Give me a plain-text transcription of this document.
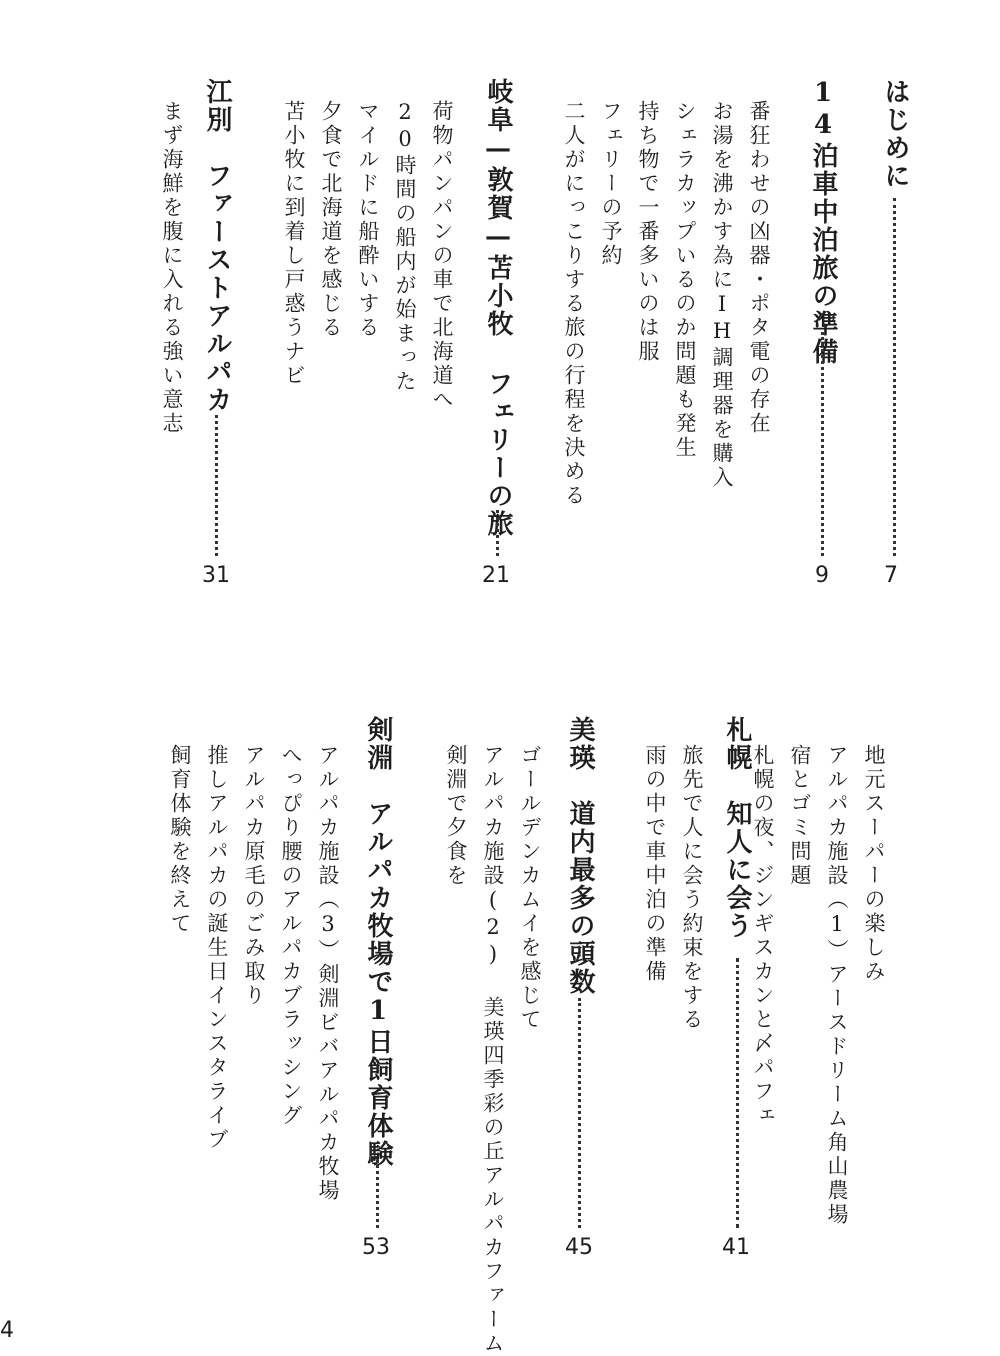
はじめに
7
14泊車中泊旅の準備
9
番狂わせの凶器・ポタ電の存在
お湯を沸かす為にIH調理器を購入
シェラカップいるのか問題も発生
持ち物で一番多いのは服
フェリーの予約
二人がにっこりする旅の行程を決める
岐阜—敦賀—苫小牧 フェリーの旅
21
荷物パンパンの車で北海道へ
20時間の船内が始まった
マイルドに船酔いする
夕食で北海道を感じる
苫小牧に到着し戸惑うナビ
江別　ファーストアルパカ
31
まず海鮮を腹に入れる強い意志
地元スーパーの楽しみ
アルパカ施設（1）アースドリーム角山農場
宿とゴミ問題
札幌の夜、ジンギスカンと〆パフェ
札幌　知人に会う
41
旅先で人に会う約束をする
雨の中で車中泊の準備
美瑛　道内最多の頭数
45
ゴールデンカムイを感じて
アルパカ施設(2) 美瑛四季彩の丘アルパカファーム
剣淵で夕食を
剣淵　アルパカ牧場で1日飼育体験
53
アルパカ施設（3）剣淵ビバアルパカ牧場
へっぴり腰のアルパカブラッシング
アルパカ原毛のごみ取り
推しアルパカの誕生日インスタライブ
飼育体験を終えて
4
